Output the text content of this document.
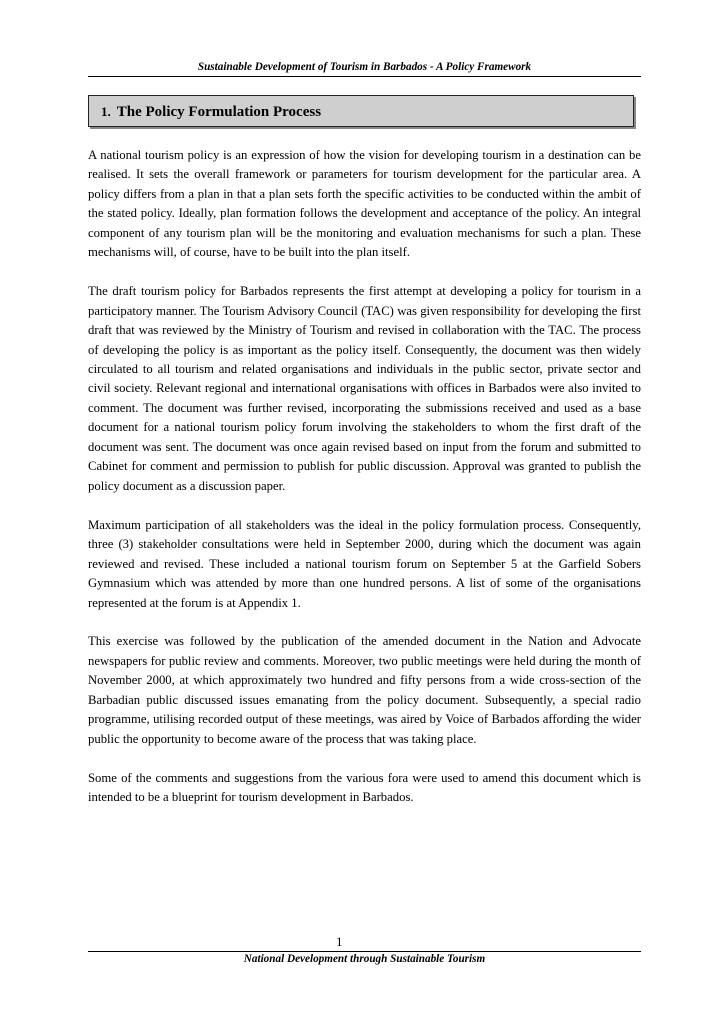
Sustainable Development of Tourism in Barbados - A Policy Framework
1. The Policy Formulation Process

A national tourism policy is an expression of how the vision for developing tourism in a destination can be realised. It sets the overall framework or parameters for tourism development for the particular area. A policy differs from a plan in that a plan sets forth the specific activities to be conducted within the ambit of the stated policy. Ideally, plan formation follows the development and acceptance of the policy. An integral component of any tourism plan will be the monitoring and evaluation mechanisms for such a plan. These mechanisms will, of course, have to be built into the plan itself.

The draft tourism policy for Barbados represents the first attempt at developing a policy for tourism in a participatory manner. The Tourism Advisory Council (TAC) was given responsibility for developing the first draft that was reviewed by the Ministry of Tourism and revised in collaboration with the TAC. The process of developing the policy is as important as the policy itself. Consequently, the document was then widely circulated to all tourism and related organisations and individuals in the public sector, private sector and civil society. Relevant regional and international organisations with offices in Barbados were also invited to comment. The document was further revised, incorporating the submissions received and used as a base document for a national tourism policy forum involving the stakeholders to whom the first draft of the document was sent. The document was once again revised based on input from the forum and submitted to Cabinet for comment and permission to publish for public discussion. Approval was granted to publish the policy document as a discussion paper.

Maximum participation of all stakeholders was the ideal in the policy formulation process. Consequently, three (3) stakeholder consultations were held in September 2000, during which the document was again reviewed and revised. These included a national tourism forum on September 5 at the Garfield Sobers Gymnasium which was attended by more than one hundred persons. A list of some of the organisations represented at the forum is at Appendix 1.

This exercise was followed by the publication of the amended document in the Nation and Advocate newspapers for public review and comments. Moreover, two public meetings were held during the month of November 2000, at which approximately two hundred and fifty persons from a wide cross-section of the Barbadian public discussed issues emanating from the policy document. Subsequently, a special radio programme, utilising recorded output of these meetings, was aired by Voice of Barbados affording the wider public the opportunity to become aware of the process that was taking place.

Some of the comments and suggestions from the various fora were used to amend this document which is intended to be a blueprint for tourism development in Barbados.

1
National Development through Sustainable Tourism
